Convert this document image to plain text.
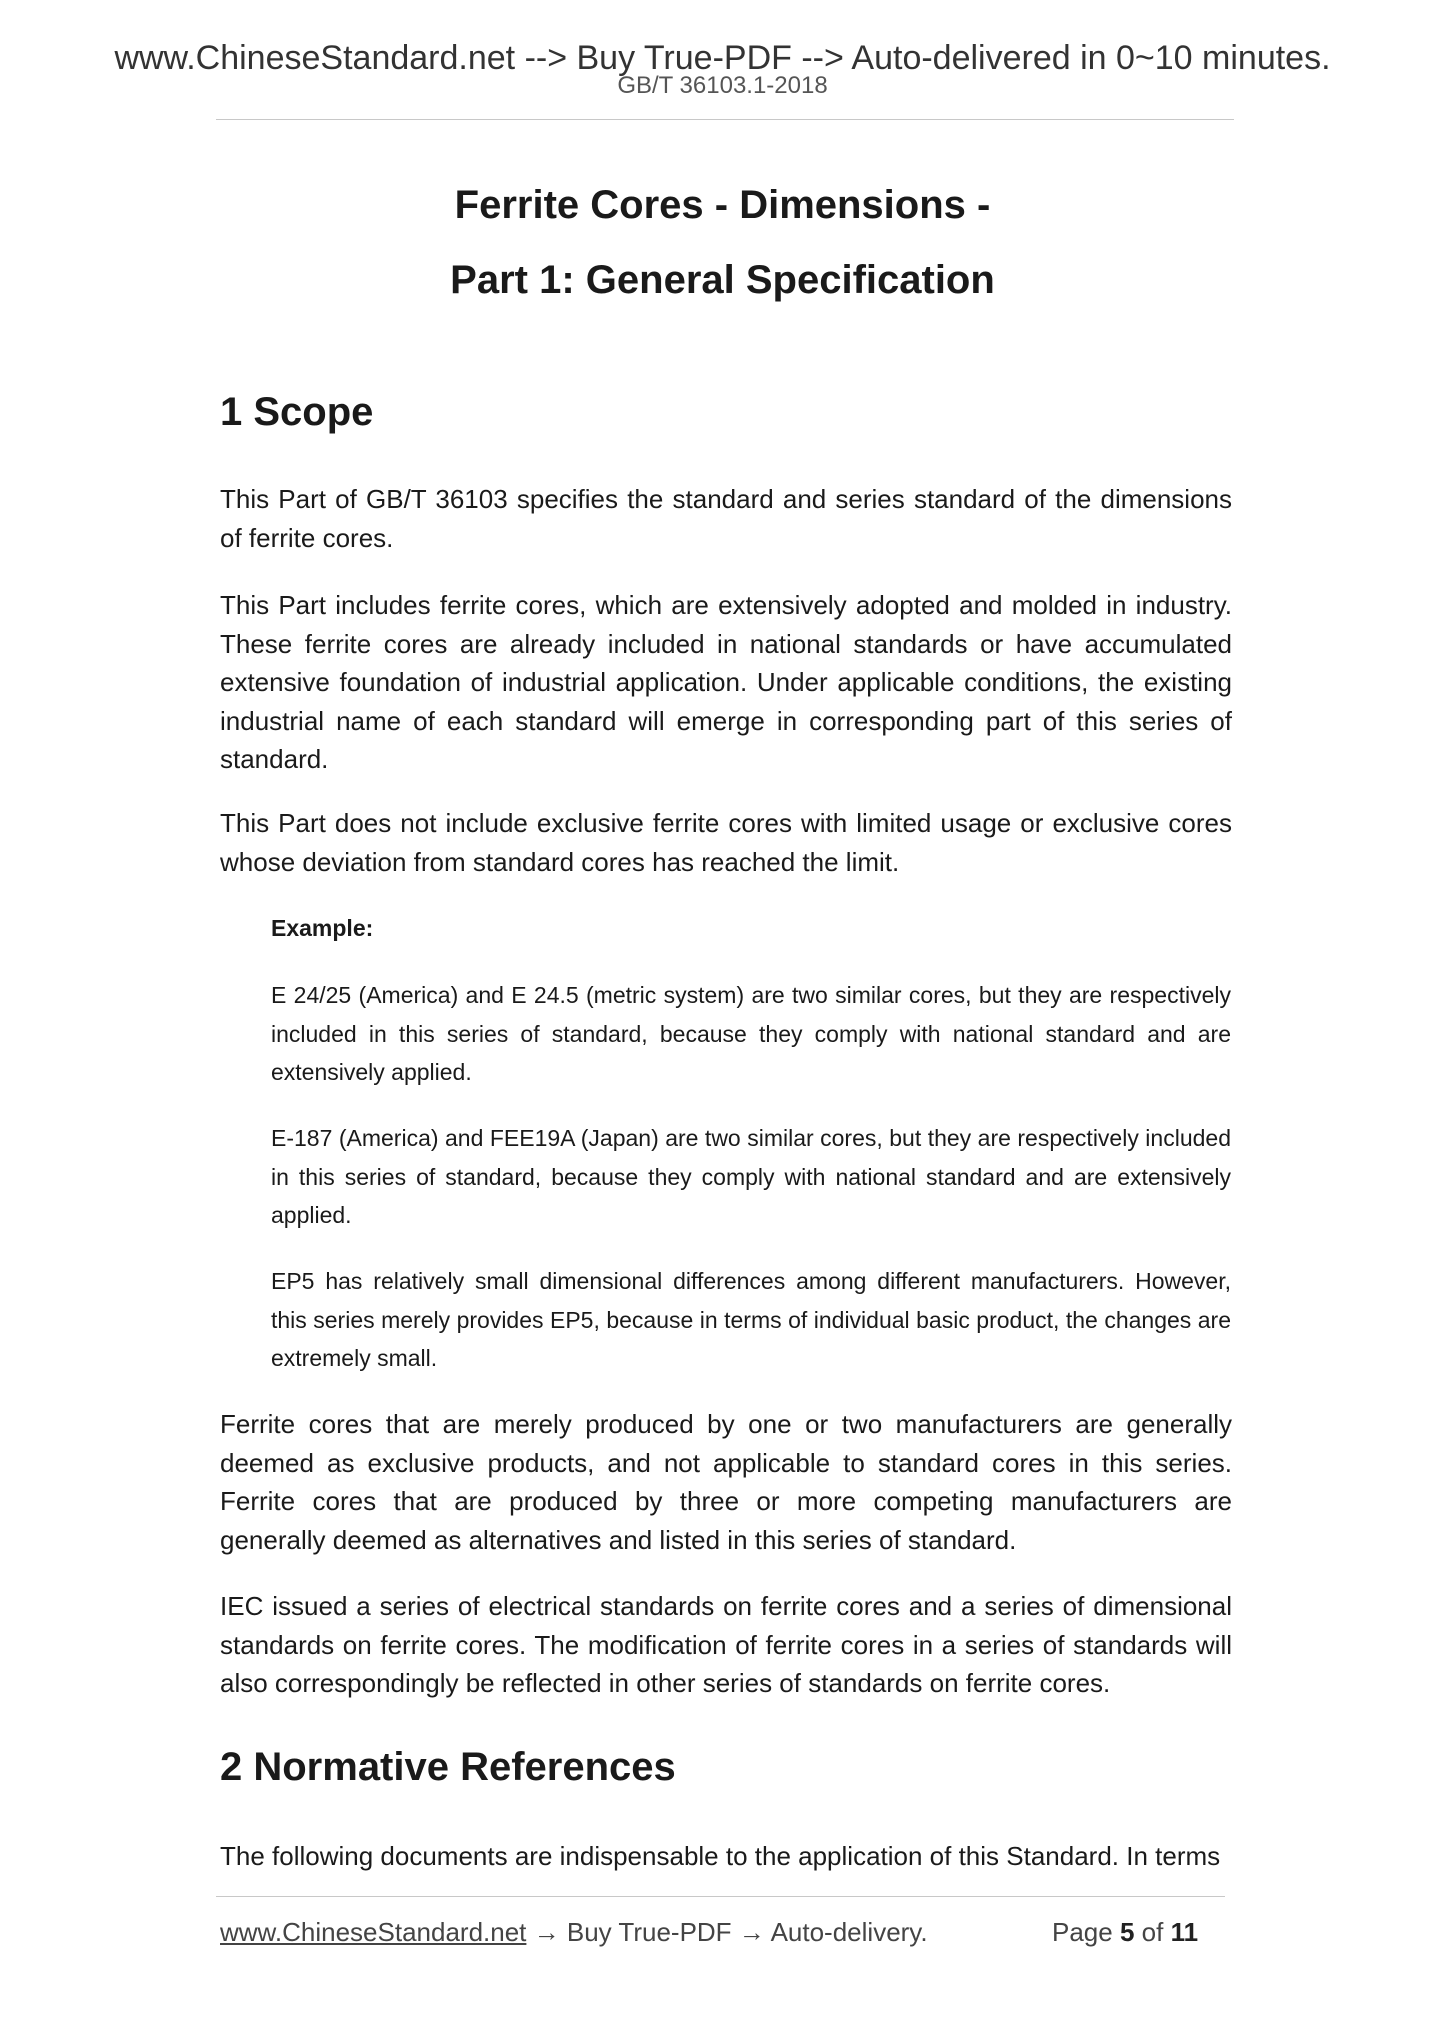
www.ChineseStandard.net --> Buy True-PDF --> Auto-delivered in 0~10 minutes.
GB/T 36103.1-2018
Ferrite Cores - Dimensions -
Part 1: General Specification
1 Scope

This Part of GB/T 36103 specifies the standard and series standard of the dimensions of ferrite cores.

This Part includes ferrite cores, which are extensively adopted and molded in industry. These ferrite cores are already included in national standards or have accumulated extensive foundation of industrial application. Under applicable conditions, the existing industrial name of each standard will emerge in corresponding part of this series of standard.

This Part does not include exclusive ferrite cores with limited usage or exclusive cores whose deviation from standard cores has reached the limit.

Example:

E 24/25 (America) and E 24.5 (metric system) are two similar cores, but they are respectively included in this series of standard, because they comply with national standard and are extensively applied.

E-187 (America) and FEE19A (Japan) are two similar cores, but they are respectively included in this series of standard, because they comply with national standard and are extensively applied.

EP5 has relatively small dimensional differences among different manufacturers. However, this series merely provides EP5, because in terms of individual basic product, the changes are extremely small.

Ferrite cores that are merely produced by one or two manufacturers are generally deemed as exclusive products, and not applicable to standard cores in this series. Ferrite cores that are produced by three or more competing manufacturers are generally deemed as alternatives and listed in this series of standard.

IEC issued a series of electrical standards on ferrite cores and a series of dimensional standards on ferrite cores. The modification of ferrite cores in a series of standards will also correspondingly be reflected in other series of standards on ferrite cores.

2 Normative References

The following documents are indispensable to the application of this Standard. In terms

www.ChineseStandard.net → Buy True-PDF → Auto-delivery.	Page 5 of 11
